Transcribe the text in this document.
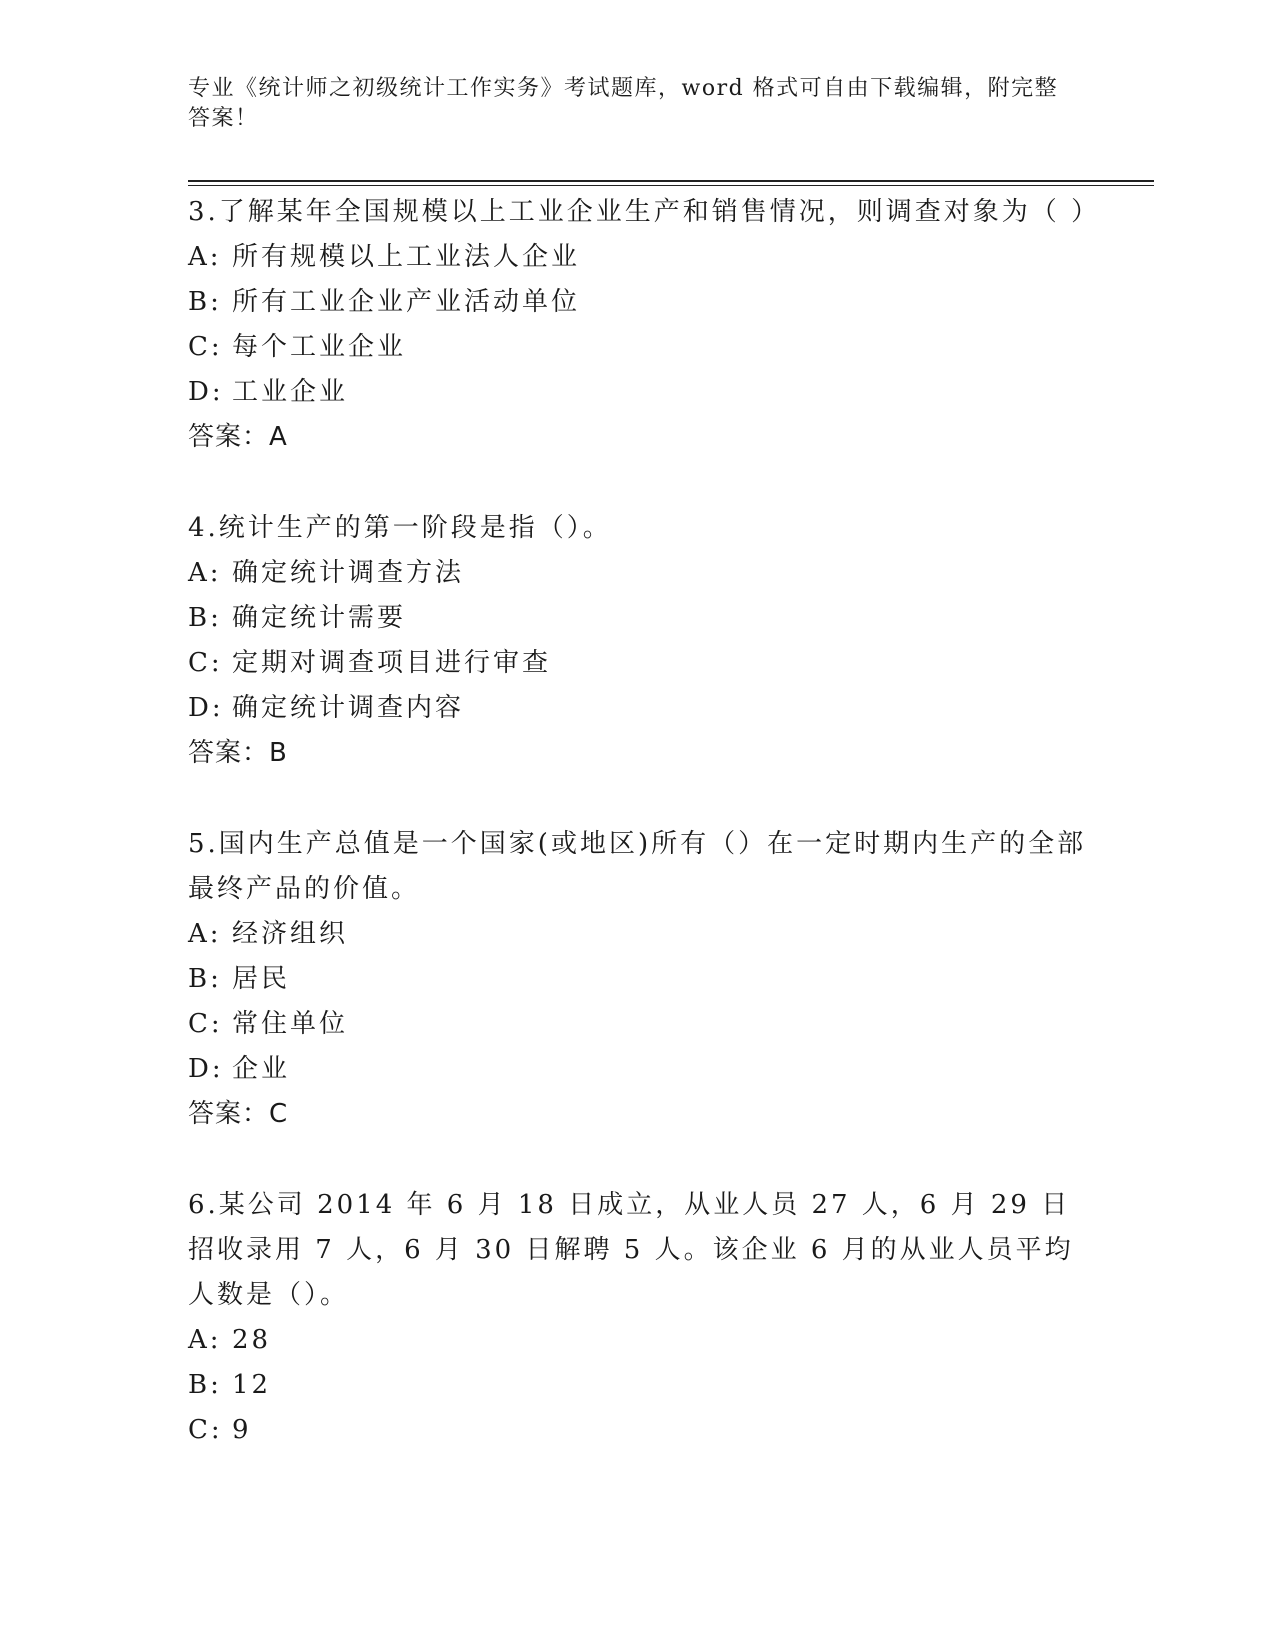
专业《统计师之初级统计工作实务》考试题库，word 格式可自由下载编辑，附完整答案！

3.了解某年全国规模以上工业企业生产和销售情况，则调查对象为（ ）

A: 所有规模以上工业法人企业

B: 所有工业企业产业活动单位

C: 每个工业企业

D: 工业企业

答案：A

4.统计生产的第一阶段是指（）。

A: 确定统计调查方法

B: 确定统计需要

C: 定期对调查项目进行审查

D: 确定统计调查内容

答案：B

5.国内生产总值是一个国家(或地区)所有（）在一定时期内生产的全部最终产品的价值。

A: 经济组织

B: 居民

C: 常住单位

D: 企业

答案：C

6.某公司 2014 年 6 月 18 日成立，从业人员 27 人，6 月 29 日招收录用 7 人，6 月 30 日解聘 5 人。该企业 6 月的从业人员平均人数是（）。

A: 28

B: 12

C: 9
